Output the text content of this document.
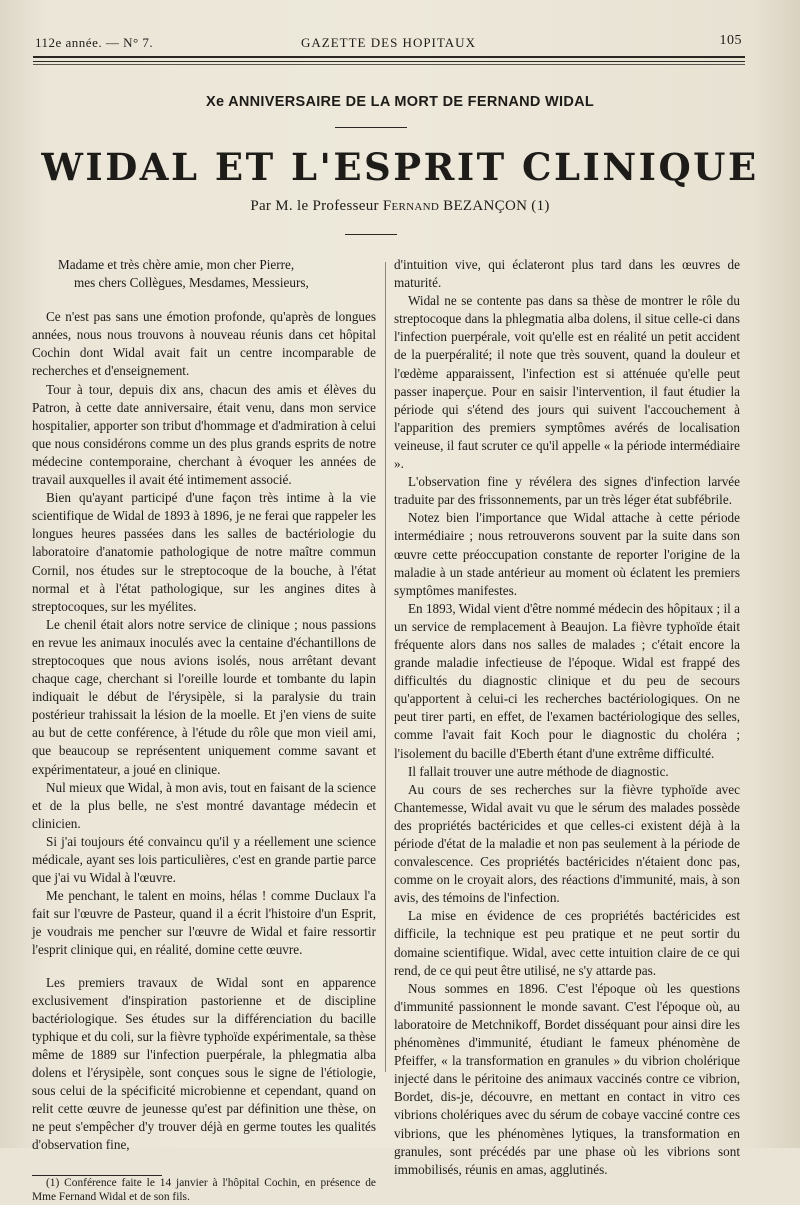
112e année. — N° 7.	GAZETTE DES HOPITAUX	105
Xe ANNIVERSAIRE DE LA MORT DE FERNAND WIDAL
WIDAL ET L'ESPRIT CLINIQUE
Par M. le Professeur Fernand BEZANÇON (1)

Madame et très chère amie, mon cher Pierre,

mes chers Collègues, Mesdames, Messieurs,

Ce n'est pas sans une émotion profonde, qu'après de longues années, nous nous trouvons à nouveau réunis dans cet hôpital Cochin dont Widal avait fait un centre incomparable de recherches et d'enseignement.

Tour à tour, depuis dix ans, chacun des amis et élèves du Patron, à cette date anniversaire, était venu, dans mon service hospitalier, apporter son tribut d'hommage et d'admiration à celui que nous considérons comme un des plus grands esprits de notre médecine contemporaine, cherchant à évoquer les années de travail auxquelles il avait été intimement associé.

Bien qu'ayant participé d'une façon très intime à la vie scientifique de Widal de 1893 à 1896, je ne ferai que rappeler les longues heures passées dans les salles de bactériologie du laboratoire d'anatomie pathologique de notre maître commun Cornil, nos études sur le streptocoque de la bouche, à l'état normal et à l'état pathologique, sur les angines dites à streptocoques, sur les myélites.

Le chenil était alors notre service de clinique ; nous passions en revue les animaux inoculés avec la centaine d'échantillons de streptocoques que nous avions isolés, nous arrêtant devant chaque cage, cherchant si l'oreille lourde et tombante du lapin indiquait le début de l'érysipèle, si la paralysie du train postérieur trahissait la lésion de la moelle. Et j'en viens de suite au but de cette conférence, à l'étude du rôle que mon vieil ami, que beaucoup se représentent uniquement comme savant et expérimentateur, a joué en clinique.

Nul mieux que Widal, à mon avis, tout en faisant de la science et de la plus belle, ne s'est montré davantage médecin et clinicien.

Si j'ai toujours été convaincu qu'il y a réellement une science médicale, ayant ses lois particulières, c'est en grande partie parce que j'ai vu Widal à l'œuvre.

Me penchant, le talent en moins, hélas ! comme Duclaux l'a fait sur l'œuvre de Pasteur, quand il a écrit l'histoire d'un Esprit, je voudrais me pencher sur l'œuvre de Widal et faire ressortir l'esprit clinique qui, en réalité, domine cette œuvre.

Les premiers travaux de Widal sont en apparence exclusivement d'inspiration pastorienne et de discipline bactériologique. Ses études sur la différenciation du bacille typhique et du coli, sur la fièvre typhoïde expérimentale, sa thèse même de 1889 sur l'infection puerpérale, la phlegmatia alba dolens et l'érysipèle, sont conçues sous le signe de l'étiologie, sous celui de la spécificité microbienne et cependant, quand on relit cette œuvre de jeunesse qu'est par définition une thèse, on ne peut s'empêcher d'y trouver déjà en germe toutes les qualités d'observation fine,

(1) Conférence faite le 14 janvier à l'hôpital Cochin, en présence de Mme Fernand Widal et de son fils.

d'intuition vive, qui éclateront plus tard dans les œuvres de maturité.

Widal ne se contente pas dans sa thèse de montrer le rôle du streptocoque dans la phlegmatia alba dolens, il situe celle-ci dans l'infection puerpérale, voit qu'elle est en réalité un petit accident de la puerpéralité; il note que très souvent, quand la douleur et l'œdème apparaissent, l'infection est si atténuée qu'elle peut passer inaperçue. Pour en saisir l'intervention, il faut étudier la période qui s'étend des jours qui suivent l'accouchement à l'apparition des premiers symptômes avérés de localisation veineuse, il faut scruter ce qu'il appelle « la période intermédiaire ».

L'observation fine y révélera des signes d'infection larvée traduite par des frissonnements, par un très léger état subfébrile.

Notez bien l'importance que Widal attache à cette période intermédiaire ; nous retrouverons souvent par la suite dans son œuvre cette préoccupation constante de reporter l'origine de la maladie à un stade antérieur au moment où éclatent les premiers symptômes manifestes.

En 1893, Widal vient d'être nommé médecin des hôpitaux ; il a un service de remplacement à Beaujon. La fièvre typhoïde était fréquente alors dans nos salles de malades ; c'était encore la grande maladie infectieuse de l'époque. Widal est frappé des difficultés du diagnostic clinique et du peu de secours qu'apportent à celui-ci les recherches bactériologiques. On ne peut tirer parti, en effet, de l'examen bactériologique des selles, comme l'avait fait Koch pour le diagnostic du choléra ; l'isolement du bacille d'Eberth étant d'une extrême difficulté.

Il fallait trouver une autre méthode de diagnostic.

Au cours de ses recherches sur la fièvre typhoïde avec Chantemesse, Widal avait vu que le sérum des malades possède des propriétés bactéricides et que celles-ci existent déjà à la période d'état de la maladie et non pas seulement à la période de convalescence. Ces propriétés bactéricides n'étaient donc pas, comme on le croyait alors, des réactions d'immunité, mais, à son avis, des témoins de l'infection.

La mise en évidence de ces propriétés bactéricides est difficile, la technique est peu pratique et ne peut sortir du domaine scientifique. Widal, avec cette intuition claire de ce qui rend, de ce qui peut être utilisé, ne s'y attarde pas.

Nous sommes en 1896. C'est l'époque où les questions d'immunité passionnent le monde savant. C'est l'époque où, au laboratoire de Metchnikoff, Bordet disséquant pour ainsi dire les phénomènes d'immunité, étudiant le fameux phénomène de Pfeiffer, « la transformation en granules » du vibrion cholérique injecté dans le péritoine des animaux vaccinés contre ce vibrion, Bordet, dis-je, découvre, en mettant en contact in vitro ces vibrions cholériques avec du sérum de cobaye vacciné contre ces vibrions, que les phénomènes lytiques, la transformation en granules, sont précédés par une phase où les vibrions sont immobilisés, réunis en amas, agglutinés.
